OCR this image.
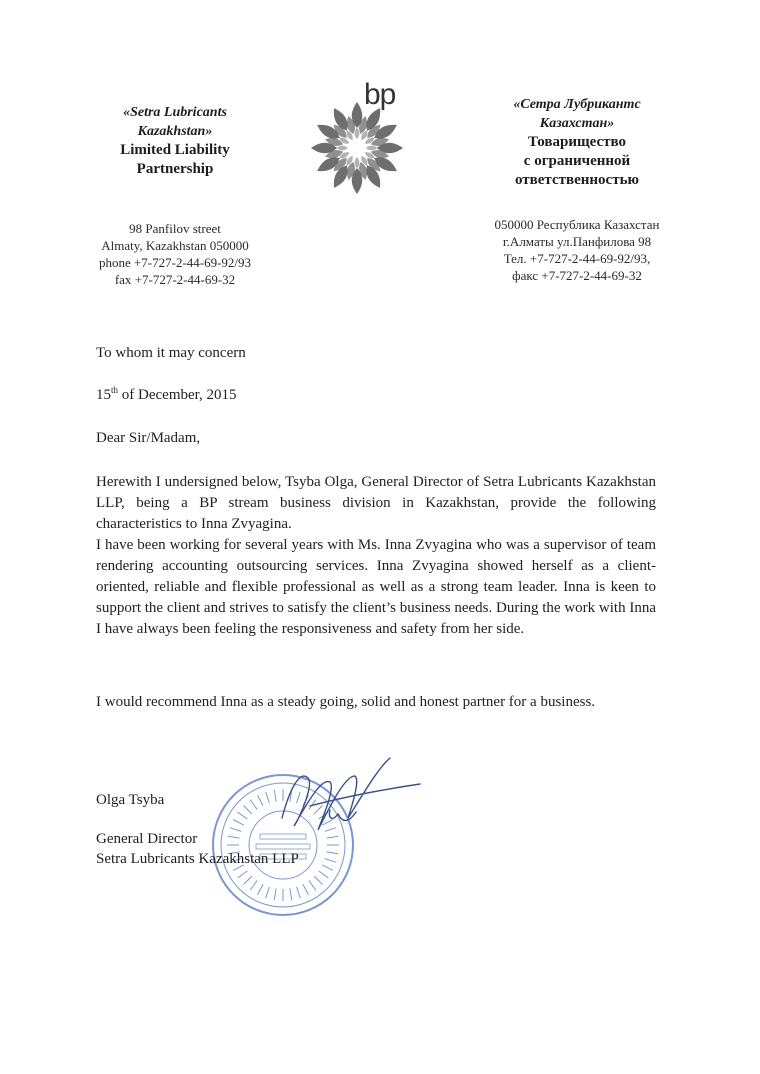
«Setra Lubricants
Kazakhstan»
Limited Liability
Partnership
98 Panfilov street
Almaty, Kazakhstan 050000
phone +7-727-2-44-69-92/93
fax +7-727-2-44-69-32
bp	«Сетра Лубрикантс
Казахстан»
Товарищество
с ограниченной
ответственностью
050000 Республика Казахстан
г.Алматы ул.Панфилова 98
Тел. +7-727-2-44-69-92/93,
факс +7-727-2-44-69-32
To whom it may concern
15th of December, 2015
Dear Sir/Madam,
Herewith I undersigned below, Tsyba Olga, General Director of Setra Lubricants Kazakhstan LLP, being a BP stream business division in Kazakhstan, provide the following characteristics to Inna Zvyagina.
I have been working for several years with Ms. Inna Zvyagina who was a supervisor of team rendering accounting outsourcing services. Inna Zvyagina showed herself as a client-oriented, reliable and flexible professional as well as a strong team leader. Inna is keen to support the client and strives to satisfy the client’s business needs. During the work with Inna I have always been feeling the responsiveness and safety from her side.
I would recommend Inna as a steady going, solid and honest partner for a business.
Olga Tsyba
General Director
Setra Lubricants Kazakhstan LLP
